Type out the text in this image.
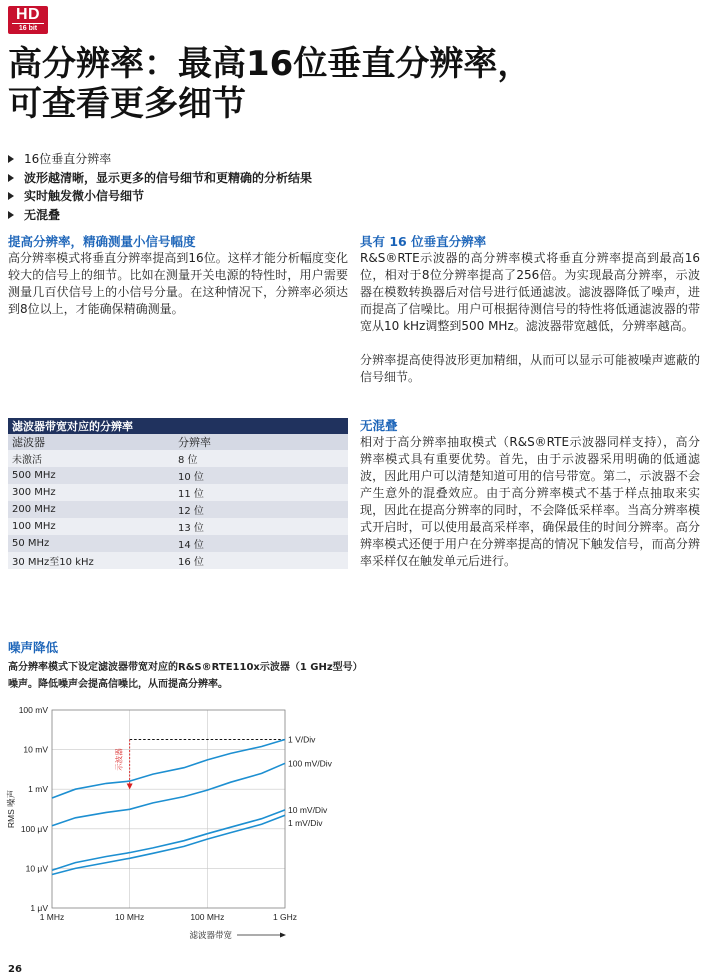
HD
16 bit
高分辨率：最高16位垂直分辨率，
可查看更多细节
16位垂直分辨率
波形越清晰，显示更多的信号细节和更精确的分析结果
实时触发微小信号细节
无混叠
提高分辨率，精确测量小信号幅度

高分辨率模式将垂直分辨率提高到16位。这样才能分析幅度变化较大的信号上的细节。比如在测量开关电源的特性时，用户需要测量几百伏信号上的小信号分量。在这种情况下，分辨率必须达到8位以上，才能确保精确测量。

具有 16 位垂直分辨率

R&S®RTE示波器的高分辨率模式将垂直分辨率提高到最高16位，相对于8位分辨率提高了256倍。为实现最高分辨率，示波器在模数转换器后对信号进行低通滤波。滤波器降低了噪声，进而提高了信噪比。用户可根据待测信号的特性将低通滤波器的带宽从10 kHz调整到500 MHz。滤波器带宽越低，分辨率越高。

分辨率提高使得波形更加精细，从而可以显示可能被噪声遮蔽的信号细节。

无混叠

相对于高分辨率抽取模式（R&S®RTE示波器同样支持），高分辨率模式具有重要优势。首先，由于示波器采用明确的低通滤波，因此用户可以清楚知道可用的信号带宽。第二，示波器不会产生意外的混叠效应。由于高分辨率模式不基于样点抽取来实现，因此在提高分辨率的同时，不会降低采样率。当高分辨率模式开启时，可以使用最高采样率，确保最佳的时间分辨率。高分辨率模式还便于用户在分辨率提高的情况下触发信号，而高分辨率采样仅在触发单元后进行。

滤波器带宽对应的分辨率	
滤波器	分辨率
未激活	8 位
500 MHz	10 位
300 MHz	11 位
200 MHz	12 位
100 MHz	13 位
50 MHz	14 位
30 MHz至10 kHz	16 位
噪声降低
高分辨率模式下设定滤波器带宽对应的R&S®RTE110x示波器（1 GHz型号）
噪声。降低噪声会提高信噪比，从而提高分辨率。
1 μV
10 μV
100 μV
1 mV
10 mV
100 mV
1 MHz	10 MHz	100 MHz	1 GHz
RMS 噪声
滤波器带宽
示波器
1 V/Div
100 mV/Div
10 mV/Div
1 mV/Div
26
